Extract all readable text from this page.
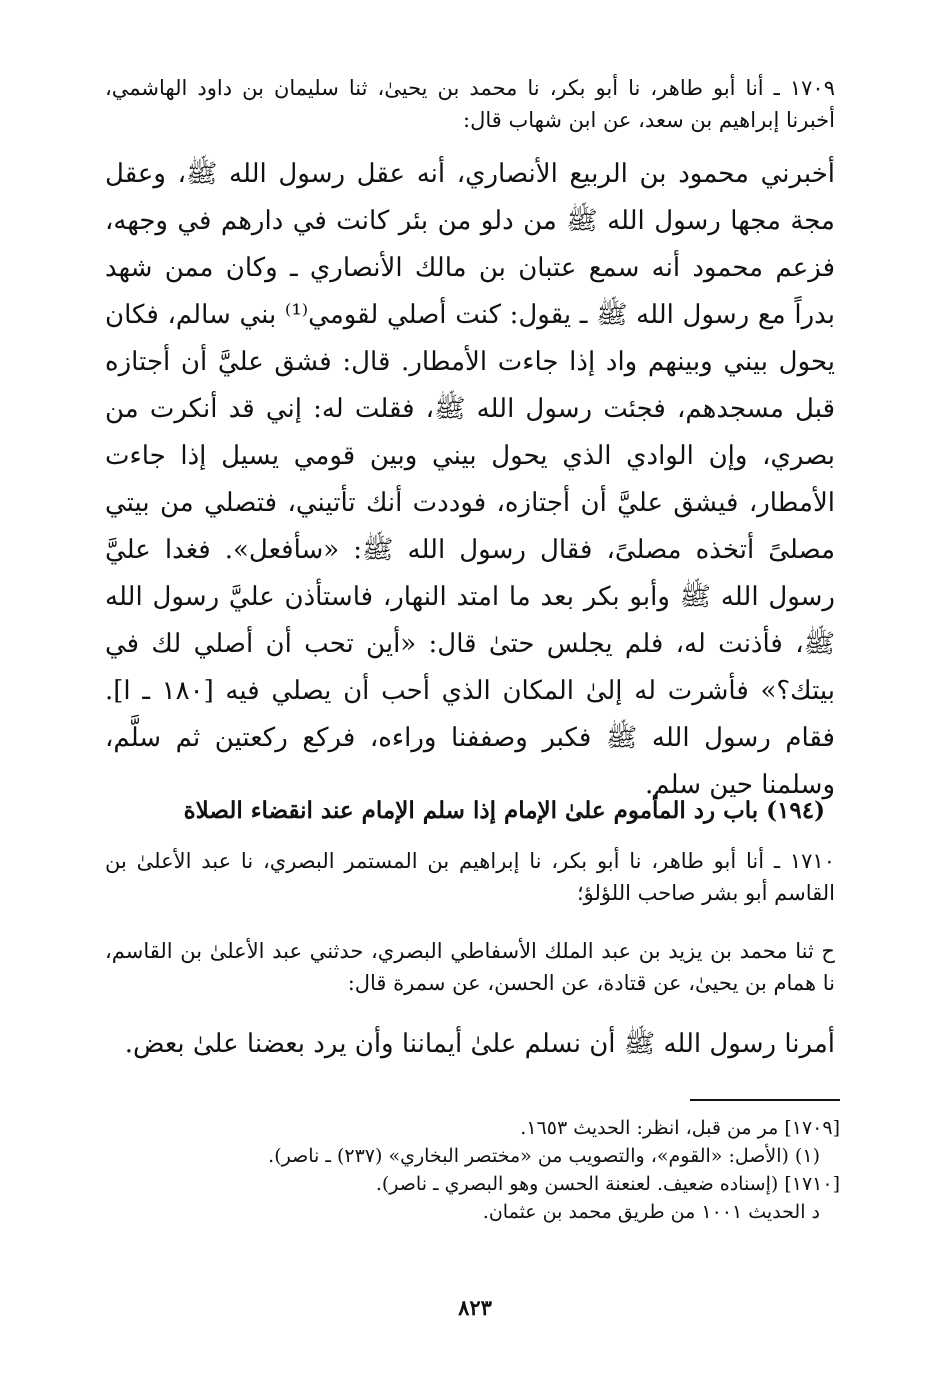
١٧٠٩ ـ أنا أبو طاهر، نا أبو بكر، نا محمد بن يحيىٰ، ثنا سليمان بن داود الهاشمي، أخبرنا إبراهيم بن سعد، عن ابن شهاب قال:
أخبرني محمود بن الربيع الأنصاري، أنه عقل رسول الله ﷺ، وعقل مجة مجها رسول الله ﷺ من دلو من بئر كانت في دارهم في وجهه، فزعم محمود أنه سمع عتبان بن مالك الأنصاري ـ وكان ممن شهد بدراً مع رسول الله ﷺ ـ يقول: كنت أصلي لقومي⁽¹⁾ بني سالم، فكان يحول بيني وبينهم واد إذا جاءت الأمطار. قال: فشق عليَّ أن أجتازه قبل مسجدهم، فجئت رسول الله ﷺ، فقلت له: إني قد أنكرت من بصري، وإن الوادي الذي يحول بيني وبين قومي يسيل إذا جاءت الأمطار، فيشق عليَّ أن أجتازه، فوددت أنك تأتيني، فتصلي من بيتي مصلىً أتخذه مصلىً، فقال رسول الله ﷺ: «سأفعل». فغدا عليَّ رسول الله ﷺ وأبو بكر بعد ما امتد النهار، فاستأذن عليَّ رسول الله ﷺ، فأذنت له، فلم يجلس حتىٰ قال: «أين تحب أن أصلي لك في بيتك؟» فأشرت له إلىٰ المكان الذي أحب أن يصلي فيه [١٨٠ ـ ا]. فقام رسول الله ﷺ فكبر وصففنا وراءه، فركع ركعتين ثم سلَّم، وسلمنا حين سلم.
(١٩٤) باب رد المأموم علىٰ الإمام إذا سلم الإمام عند انقضاء الصلاة
١٧١٠ ـ أنا أبو طاهر، نا أبو بكر، نا إبراهيم بن المستمر البصري، نا عبد الأعلىٰ بن القاسم أبو بشر صاحب اللؤلؤ؛
ح ثنا محمد بن يزيد بن عبد الملك الأسفاطي البصري، حدثني عبد الأعلىٰ بن القاسم، نا همام بن يحيىٰ، عن قتادة، عن الحسن، عن سمرة قال:
أمرنا رسول الله ﷺ أن نسلم علىٰ أيماننا وأن يرد بعضنا علىٰ بعض.
[١٧٠٩] مر من قبل، انظر: الحديث ١٦٥٣.
(١) (الأصل: «القوم»، والتصويب من «مختصر البخاري» (٢٣٧) ـ ناصر).
[١٧١٠] (إسناده ضعيف. لعنعنة الحسن وهو البصري ـ ناصر).
د الحديث ١٠٠١ من طريق محمد بن عثمان.
٨٢٣
